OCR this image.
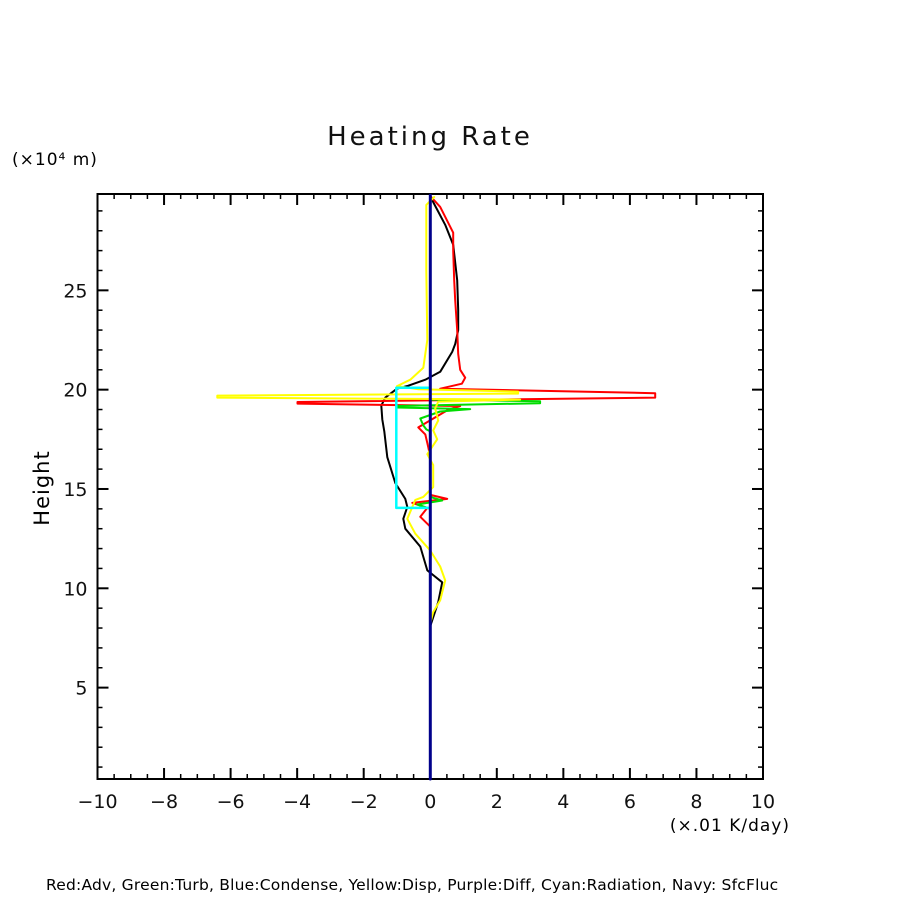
−10 −8 −6 −4 −2 0	2	4	6	8	10
5
10
15
20
25
Heating Rate
(×10⁴ m)
Height
(×.01 K/day)
Red:Adv, Green:Turb, Blue:Condense, Yellow:Disp, Purple:Diff, Cyan:Radiation, Navy: SfcFluc
